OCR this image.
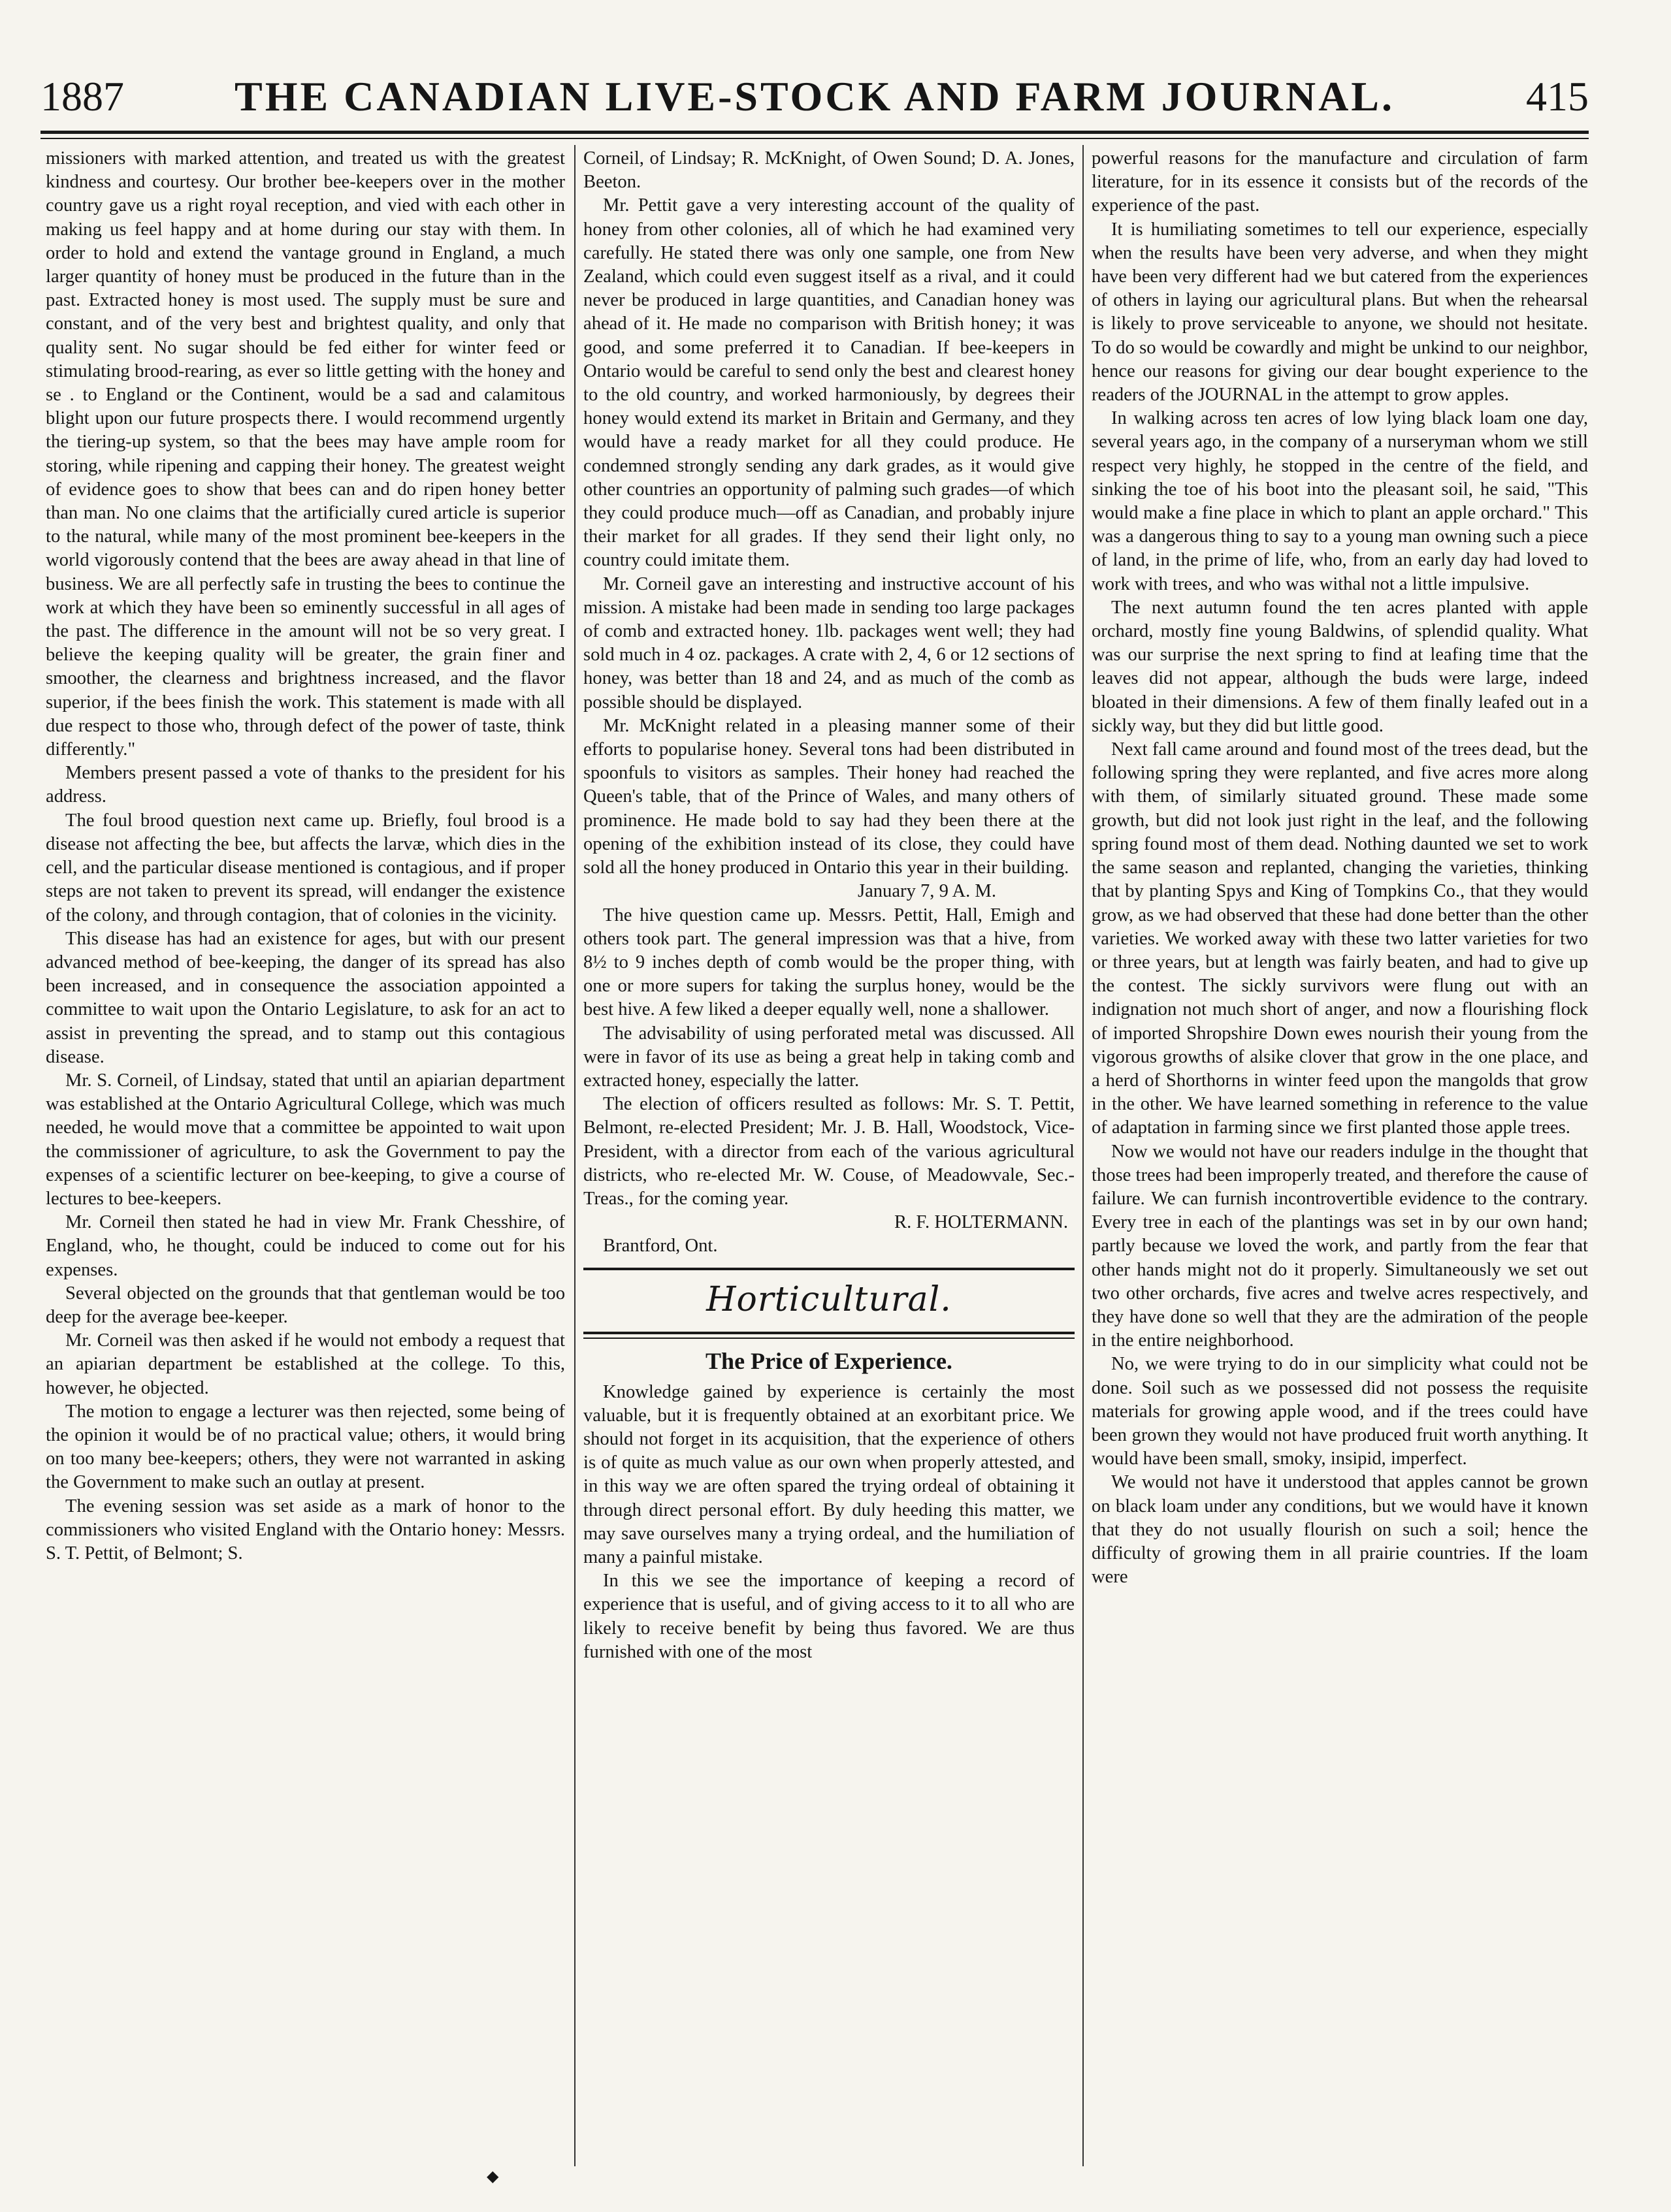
1887	THE CANADIAN LIVE-STOCK AND FARM JOURNAL.	415

missioners with marked attention, and treated us with the greatest kindness and courtesy. Our brother bee-keepers over in the mother country gave us a right royal reception, and vied with each other in making us feel happy and at home during our stay with them. In order to hold and extend the vantage ground in England, a much larger quantity of honey must be produced in the future than in the past. Extracted honey is most used. The supply must be sure and constant, and of the very best and brightest quality, and only that quality sent. No sugar should be fed either for winter feed or stimulating brood-rearing, as ever so little getting with the honey and se . to England or the Continent, would be a sad and calamitous blight upon our future prospects there. I would recommend urgently the tiering-up system, so that the bees may have ample room for storing, while ripening and capping their honey. The greatest weight of evidence goes to show that bees can and do ripen honey better than man. No one claims that the artificially cured article is superior to the natural, while many of the most prominent bee-keepers in the world vigorously contend that the bees are away ahead in that line of business. We are all perfectly safe in trusting the bees to continue the work at which they have been so eminently successful in all ages of the past. The difference in the amount will not be so very great. I believe the keeping quality will be greater, the grain finer and smoother, the clearness and brightness increased, and the flavor superior, if the bees finish the work. This statement is made with all due respect to those who, through defect of the power of taste, think differently."

Members present passed a vote of thanks to the president for his address.

The foul brood question next came up. Briefly, foul brood is a disease not affecting the bee, but affects the larvæ, which dies in the cell, and the particular disease mentioned is contagious, and if proper steps are not taken to prevent its spread, will endanger the existence of the colony, and through contagion, that of colonies in the vicinity.

This disease has had an existence for ages, but with our present advanced method of bee-keeping, the danger of its spread has also been increased, and in consequence the association appointed a committee to wait upon the Ontario Legislature, to ask for an act to assist in preventing the spread, and to stamp out this contagious disease.

Mr. S. Corneil, of Lindsay, stated that until an apiarian department was established at the Ontario Agricultural College, which was much needed, he would move that a committee be appointed to wait upon the commissioner of agriculture, to ask the Government to pay the expenses of a scientific lecturer on bee-keeping, to give a course of lectures to bee-keepers.

Mr. Corneil then stated he had in view Mr. Frank Chesshire, of England, who, he thought, could be induced to come out for his expenses.

Several objected on the grounds that that gentleman would be too deep for the average bee-keeper.

Mr. Corneil was then asked if he would not embody a request that an apiarian department be established at the college. To this, however, he objected.

The motion to engage a lecturer was then rejected, some being of the opinion it would be of no practical value; others, it would bring on too many bee-keepers; others, they were not warranted in asking the Government to make such an outlay at present.

The evening session was set aside as a mark of honor to the commissioners who visited England with the Ontario honey: Messrs. S. T. Pettit, of Belmont; S.

Corneil, of Lindsay; R. McKnight, of Owen Sound; D. A. Jones, Beeton.

Mr. Pettit gave a very interesting account of the quality of honey from other colonies, all of which he had examined very carefully. He stated there was only one sample, one from New Zealand, which could even suggest itself as a rival, and it could never be produced in large quantities, and Canadian honey was ahead of it. He made no comparison with British honey; it was good, and some preferred it to Canadian. If bee-keepers in Ontario would be careful to send only the best and clearest honey to the old country, and worked harmoniously, by degrees their honey would extend its market in Britain and Germany, and they would have a ready market for all they could produce. He condemned strongly sending any dark grades, as it would give other countries an opportunity of palming such grades—of which they could produce much—off as Canadian, and probably injure their market for all grades. If they send their light only, no country could imitate them.

Mr. Corneil gave an interesting and instructive account of his mission. A mistake had been made in sending too large packages of comb and extracted honey. 1lb. packages went well; they had sold much in 4 oz. packages. A crate with 2, 4, 6 or 12 sections of honey, was better than 18 and 24, and as much of the comb as possible should be displayed.

Mr. McKnight related in a pleasing manner some of their efforts to popularise honey. Several tons had been distributed in spoonfuls to visitors as samples. Their honey had reached the Queen's table, that of the Prince of Wales, and many others of prominence. He made bold to say had they been there at the opening of the exhibition instead of its close, they could have sold all the honey produced in Ontario this year in their building.

January 7, 9 A. M.

The hive question came up. Messrs. Pettit, Hall, Emigh and others took part. The general impression was that a hive, from 8½ to 9 inches depth of comb would be the proper thing, with one or more supers for taking the surplus honey, would be the best hive. A few liked a deeper equally well, none a shallower.

The advisability of using perforated metal was discussed. All were in favor of its use as being a great help in taking comb and extracted honey, especially the latter.

The election of officers resulted as follows: Mr. S. T. Pettit, Belmont, re-elected President; Mr. J. B. Hall, Woodstock, Vice-President, with a director from each of the various agricultural districts, who re-elected Mr. W. Couse, of Meadowvale, Sec.-Treas., for the coming year.

R. F. HOLTERMANN.

Brantford, Ont.

Horticultural.
The Price of Experience.

Knowledge gained by experience is certainly the most valuable, but it is frequently obtained at an exorbitant price. We should not forget in its acquisition, that the experience of others is of quite as much value as our own when properly attested, and in this way we are often spared the trying ordeal of obtaining it through direct personal effort. By duly heeding this matter, we may save ourselves many a trying ordeal, and the humiliation of many a painful mistake.

In this we see the importance of keeping a record of experience that is useful, and of giving access to it to all who are likely to receive benefit by being thus favored. We are thus furnished with one of the most

powerful reasons for the manufacture and circulation of farm literature, for in its essence it consists but of the records of the experience of the past.

It is humiliating sometimes to tell our experience, especially when the results have been very adverse, and when they might have been very different had we but catered from the experiences of others in laying our agricultural plans. But when the rehearsal is likely to prove serviceable to anyone, we should not hesitate. To do so would be cowardly and might be unkind to our neighbor, hence our reasons for giving our dear bought experience to the readers of the JOURNAL in the attempt to grow apples.

In walking across ten acres of low lying black loam one day, several years ago, in the company of a nurseryman whom we still respect very highly, he stopped in the centre of the field, and sinking the toe of his boot into the pleasant soil, he said, "This would make a fine place in which to plant an apple orchard." This was a dangerous thing to say to a young man owning such a piece of land, in the prime of life, who, from an early day had loved to work with trees, and who was withal not a little impulsive.

The next autumn found the ten acres planted with apple orchard, mostly fine young Baldwins, of splendid quality. What was our surprise the next spring to find at leafing time that the leaves did not appear, although the buds were large, indeed bloated in their dimensions. A few of them finally leafed out in a sickly way, but they did but little good.

Next fall came around and found most of the trees dead, but the following spring they were replanted, and five acres more along with them, of similarly situated ground. These made some growth, but did not look just right in the leaf, and the following spring found most of them dead. Nothing daunted we set to work the same season and replanted, changing the varieties, thinking that by planting Spys and King of Tompkins Co., that they would grow, as we had observed that these had done better than the other varieties. We worked away with these two latter varieties for two or three years, but at length was fairly beaten, and had to give up the contest. The sickly survivors were flung out with an indignation not much short of anger, and now a flourishing flock of imported Shropshire Down ewes nourish their young from the vigorous growths of alsike clover that grow in the one place, and a herd of Shorthorns in winter feed upon the mangolds that grow in the other. We have learned something in reference to the value of adaptation in farming since we first planted those apple trees.

Now we would not have our readers indulge in the thought that those trees had been improperly treated, and therefore the cause of failure. We can furnish incontrovertible evidence to the contrary. Every tree in each of the plantings was set in by our own hand; partly because we loved the work, and partly from the fear that other hands might not do it properly. Simultaneously we set out two other orchards, five acres and twelve acres respectively, and they have done so well that they are the admiration of the people in the entire neighborhood.

No, we were trying to do in our simplicity what could not be done. Soil such as we possessed did not possess the requisite materials for growing apple wood, and if the trees could have been grown they would not have produced fruit worth anything. It would have been small, smoky, insipid, imperfect.

We would not have it understood that apples cannot be grown on black loam under any conditions, but we would have it known that they do not usually flourish on such a soil; hence the difficulty of growing them in all prairie countries. If the loam were

◆
